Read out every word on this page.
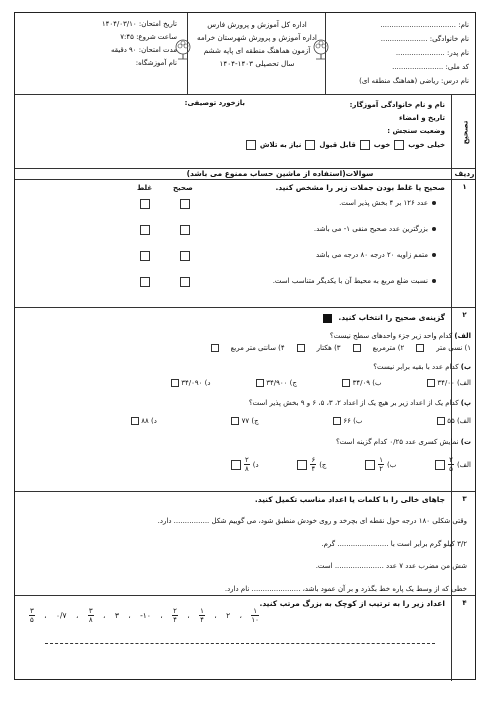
نام: ..................................
نام خانوادگی: .....................
نام پدر: ......................
کد ملی: .......................
نام درس: ریاضی (هماهنگ منطقه ای)
اداره کل آموزش و پرورش فارس
اداره آموزش و پرورش شهرستان خرامه
آزمون هماهنگ منطقه ای پایه ششم
سال تحصیلی ۱۴۰۳-۱۴۰۴
تاریخ امتحان: ۱۴۰۴/۰۳/۱۰
ساعت شروع: ۷:۴۵
مدت امتحان: ۹۰ دقیقه
نام آموزشگاه:
تصحیح
نام و نام خانوادگی آموزگار:
تاریخ و امضاء
وضعیت سنجش :
خیلی خوب
خوب
قابل قبول
نیاز به تلاش
بازخورد توصیفی:
ردیف
سوالات(استفاده از ماشین حساب ممنوع می باشد)
۱
صحیح یا غلط بودن جملات زیر را مشخص کنید.
صحیح
غلط
عدد ۱۲۶ بر ۴ بخش پذیر است.
بزرگترین عدد صحیح منفی ۱- می باشد.
متمم زاویه ۲۰ درجه ۸۰ درجه می باشد
نسبت ضلع مربع به محیط آن با یکدیگر متناسب است.
۲
گزینه‌ی صحیح را انتخاب کنید.
الف) کدام واحد زیر جزء واحدهای سطح نیست؟
۱) نسی متر
۲) مترمربع
۳) هکتار
۴) سانتی متر مربع
ب) کدام عدد با بقیه برابر نیست؟
الف) ۳۴/۰۰
ب) ۳۴/۰۹
ج) ۳۴/۹۰۰
د) ۳۴/۰۹۰
پ) کدام یک از اعداد زیر بر هیچ یک از اعداد ۲، ۳، ۵، ۶ و ۹ بخش پذیر است؟
الف) ۵۵
ب) ۶۶
ج) ۷۷
د) ۸۸
ت) نمایش کسری عدد ۰/۲۵ کدام گزینه است؟
الف)
$\frac{۲}{۵}$
ب)
$\frac{۱}{۲}$
ج)
$\frac{۶}{۴}$
د)
$\frac{۲}{۸}$
۳
جاهای خالی را با کلمات یا اعداد مناسب تکمیل کنید.
وقتی شکلی ۱۸۰ درجه حول نقطه ای بچرخد و روی خودش منطبق شود، می گوییم شکل ................ دارد.
۳/۲ کیلو گرم برابر است با ....................... گرم.
شش من مضرب عدد ۷ عدد ...................... است.
خطی که از وسط یک پاره خط بگذرد و بر آن عمود باشد، ...................... نام دارد.
۴
اعداد زیر را به ترتیب از کوچک به بزرگ مرتب کنید.
$\frac{۱}{۱۰}$
،
۲
،
$\frac{۱}{۴}$
،
$\frac{۲}{۴}$
،
-۱۰
،
۳
،
$\frac{۳}{۸}$
،
۰/۷
،
$\frac{۳}{۵}$
